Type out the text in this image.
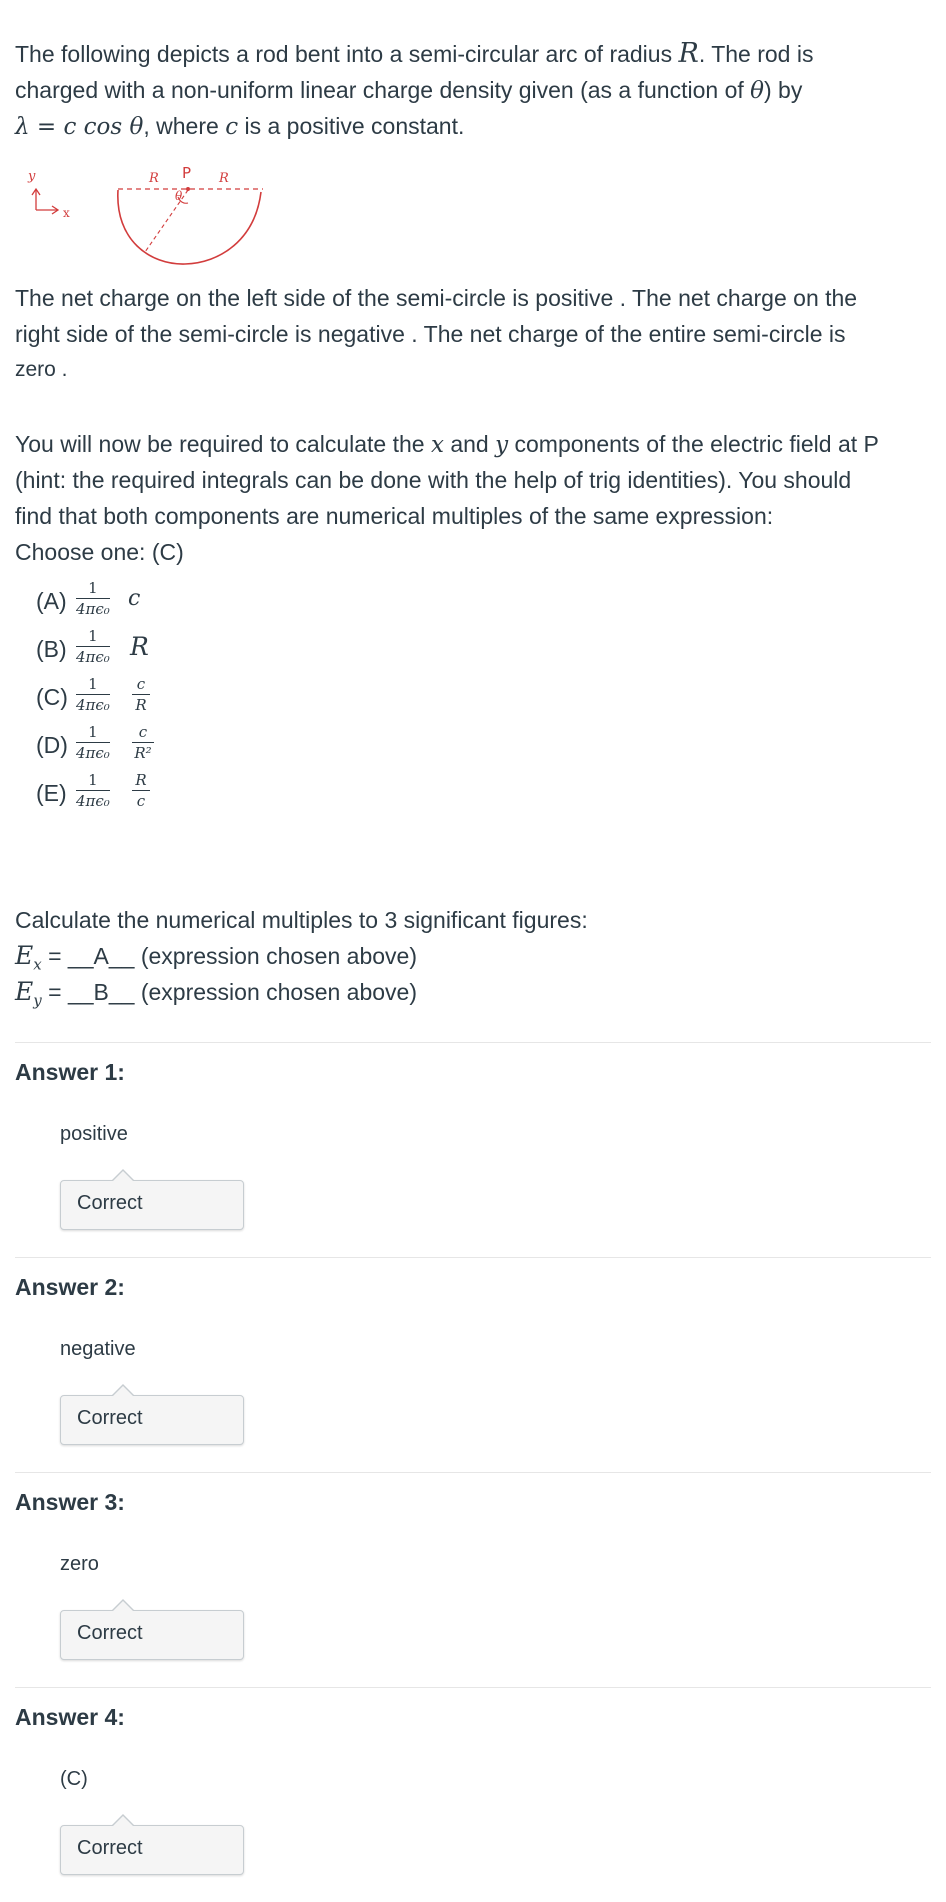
The following depicts a rod bent into a semi-circular arc of radius R. The rod is

charged with a non-uniform linear charge density given (as a function of θ) by

λ = c cos θ, where c is a positive constant.

y
x
R P R
θ

The net charge on the left side of the semi-circle is positive . The net charge on the

right side of the semi-circle is negative . The net charge of the entire semi-circle is

zero .

You will now be required to calculate the x and y components of the electric field at P

(hint: the required integrals can be done with the help of trig identities). You should

find that both components are numerical multiples of the same expression:

Choose one: (C)

(A)	1
4πϵ₀ c
(B)	1
4πϵ₀ R
(C)	1
4πϵ₀
c
R
(D)	1
4πϵ₀
c
R²
(E)	1
4πϵ₀
R
c

Calculate the numerical multiples to 3 significant figures:

$E_x$ = __A__ (expression chosen above)

$E_y$ = __B__ (expression chosen above)

Answer 1:
positive
Correct
Answer 2:
negative
Correct
Answer 3:
zero
Correct
Answer 4:
(C)
Correct
